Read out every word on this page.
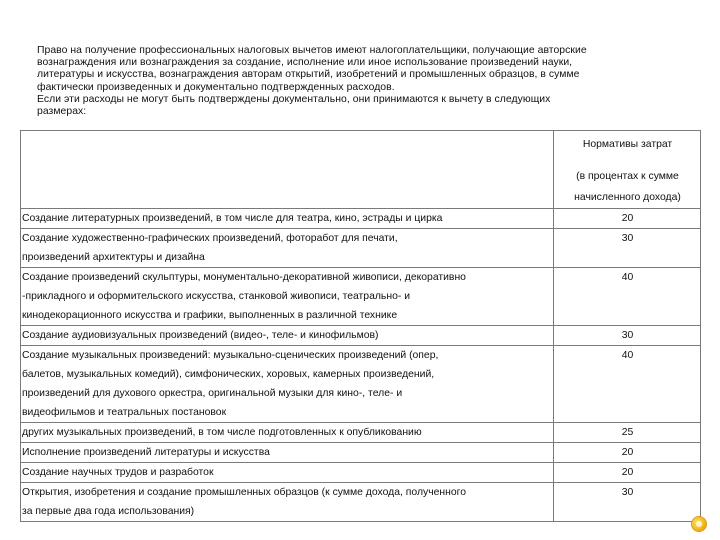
Право на получение профессиональных налоговых вычетов имеют налогоплательщики, получающие авторские
вознаграждения или вознаграждения за создание, исполнение или иное использование произведений науки,
литературы и искусства, вознаграждения авторам открытий, изобретений и промышленных образцов, в сумме
фактически произведенных и документально подтвержденных расходов.
Если эти расходы не могут быть подтверждены документально, они принимаются к вычету в следующих
размерах:

	Нормативы затрат
(в процентах к сумме
начисленного дохода)

Создание литературных произведений, в том числе для театра, кино, эстрады и цирка	20

Создание художественно-графических произведений, фоторабот для печати,
произведений архитектуры и дизайна	30

Создание произведений скульптуры, монументально-декоративной живописи, декоративно
-прикладного и оформительского искусства, станковой живописи, театрально- и
кинодекорационного искусства и графики, выполненных в различной технике	40

Создание аудиовизуальных произведений (видео-, теле- и кинофильмов)	30

Создание музыкальных произведений: музыкально-сценических произведений (опер,
балетов, музыкальных комедий), симфонических, хоровых, камерных произведений,
произведений для духового оркестра, оригинальной музыки для кино-, теле- и
видеофильмов и театральных постановок	40

других музыкальных произведений, в том числе подготовленных к опубликованию	25

Исполнение произведений литературы и искусства	20

Создание научных трудов и разработок	20

Открытия, изобретения и создание промышленных образцов (к сумме дохода, полученного
за первые два года использования)	30
